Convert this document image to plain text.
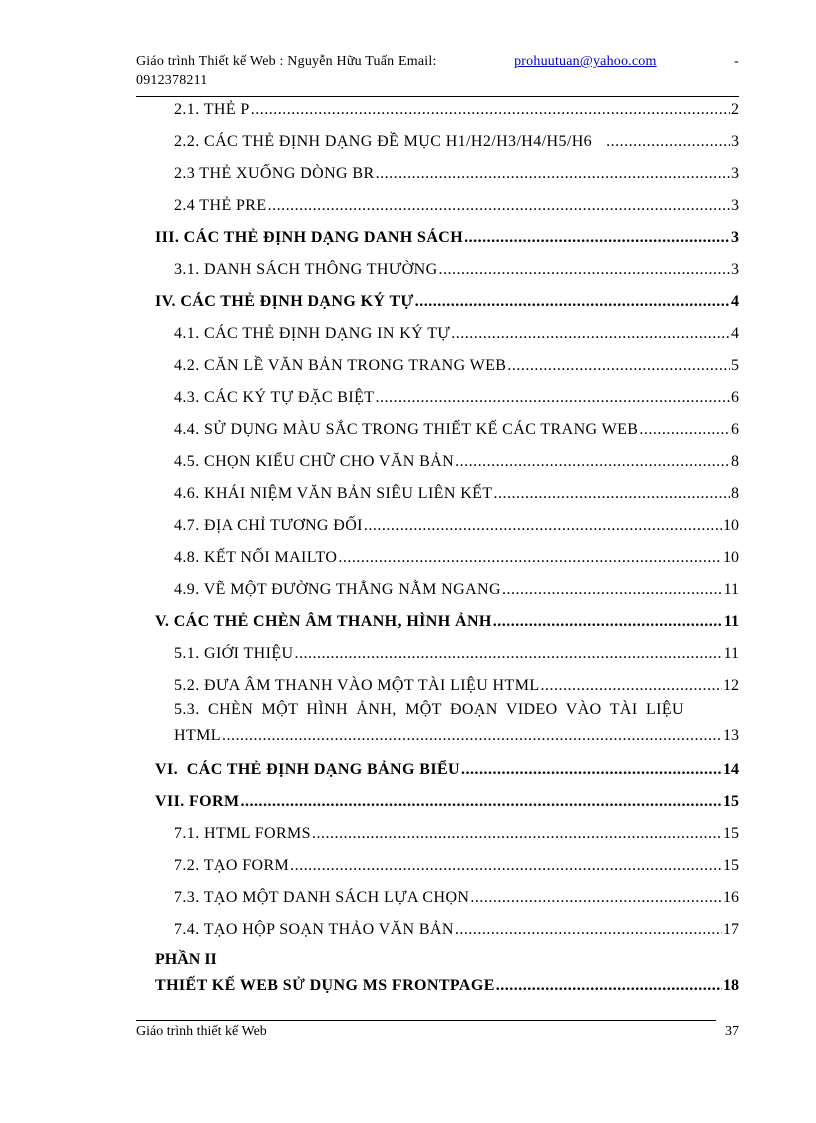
Giáo trình Thiết kế Web : Nguyễn Hữu Tuấn Email:	prohuutuan@yahoo.com	-
0912378211
2.1. THẺ P .....	2
2.2. CÁC THẺ ĐỊNH DẠNG ĐỀ MỤC H1/H2/H3/H4/H5/H6 .....	3
2.3 THẺ XUỐNG DÒNG BR .....	3
2.4 THẺ PRE .....	3
III. CÁC THẺ ĐỊNH DẠNG DANH SÁCH .....	3
3.1. DANH SÁCH THÔNG THƯỜNG .....	3
IV. CÁC THẺ ĐỊNH DẠNG KÝ TỰ .....	4
4.1. CÁC THẺ ĐỊNH DẠNG IN KÝ TỰ .....	4
4.2. CĂN LỀ VĂN BẢN TRONG TRANG WEB .....	5
4.3. CÁC KÝ TỰ ĐẶC BIỆT .....	6
4.4. SỬ DỤNG MÀU SẮC TRONG THIẾT KẾ CÁC TRANG WEB .....	6
4.5. CHỌN KIỂU CHỮ CHO VĂN BẢN .....	8
4.6. KHÁI NIỆM VĂN BẢN SIÊU LIÊN KẾT .....	8
4.7. ĐỊA CHỈ TƯƠNG ĐỐI .....	10
4.8. KẾT NỐI MAILTO .....	10
4.9. VẼ MỘT ĐƯỜNG THẲNG NẰM NGANG .....	11
V. CÁC THẺ CHÈN ÂM THANH, HÌNH ẢNH .....	11
5.1. GIỚI THIỆU .....	11
5.2. ĐƯA ÂM THANH VÀO MỘT TÀI LIỆU HTML .....	12
5.3. CHÈN MỘT HÌNH ẢNH, MỘT ĐOẠN VIDEO VÀO TÀI LIỆU
HTML .....	13
VI.  CÁC THẺ ĐỊNH DẠNG BẢNG BIỂU .....	14
VII. FORM .....	15
7.1. HTML FORMS .....	15
7.2. TẠO FORM .....	15
7.3. TẠO MỘT DANH SÁCH LỰA CHỌN .....	16
7.4. TẠO HỘP SOẠN THẢO VĂN BẢN .....	17
PHẦN II
THIẾT KẾ WEB SỬ DỤNG MS FRONTPAGE .....	18
Giáo trình thiết kế Web	37
